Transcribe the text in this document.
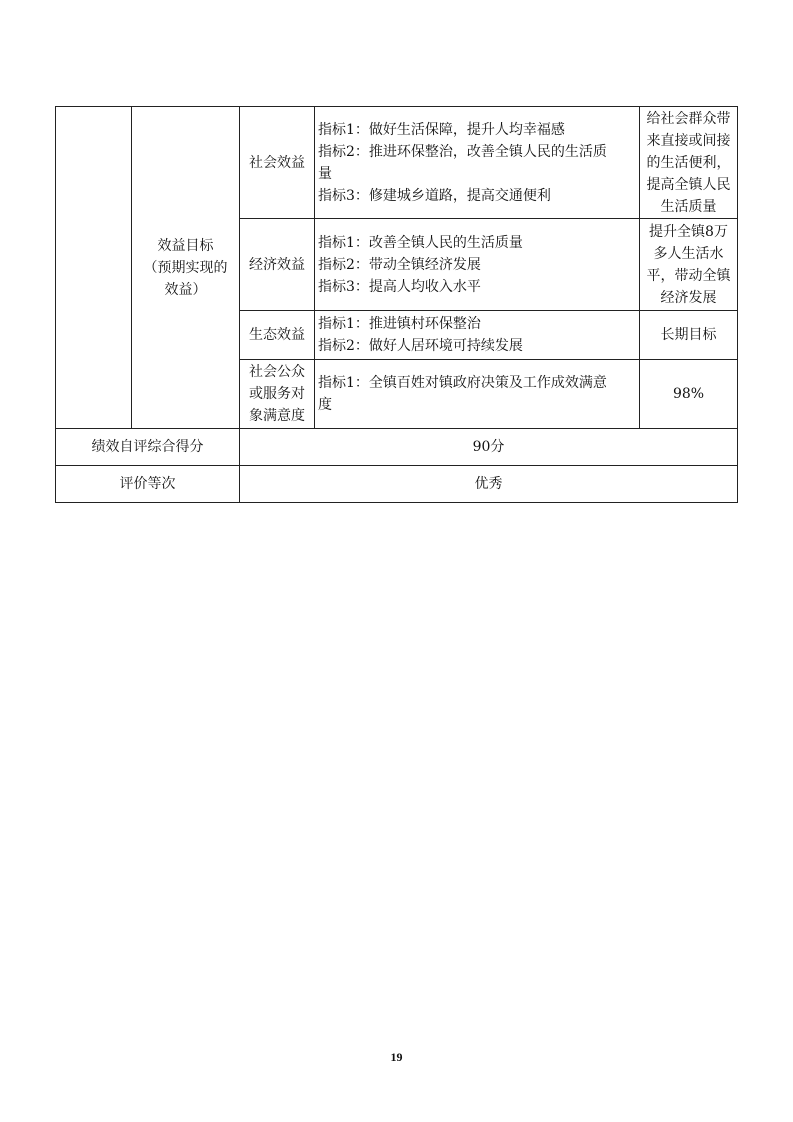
	效益目标
（预期实现的
效益）	社会效益	指标1：做好生活保障，提升人均幸福感
指标2：推进环保整治，改善全镇人民的生活质
量
指标3：修建城乡道路，提高交通便利	给社会群众带
来直接或间接
的生活便利，
提高全镇人民
生活质量

		经济效益	指标1：改善全镇人民的生活质量
指标2：带动全镇经济发展
指标3：提高人均收入水平	提升全镇8万
多人生活水
平，带动全镇
经济发展

		生态效益	指标1：推进镇村环保整治
指标2：做好人居环境可持续发展	长期目标

		社会公众
或服务对
象满意度	指标1：全镇百姓对镇政府决策及工作成效满意
度	98%

绩效自评综合得分		90分		
评价等次		优秀		
19
